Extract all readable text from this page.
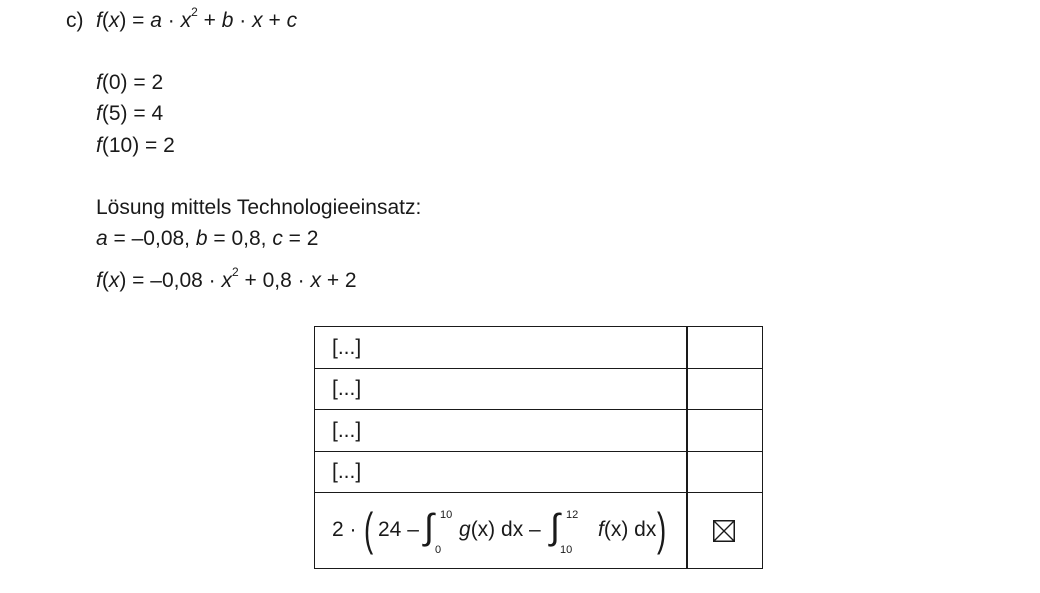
c) $f(x) = a \cdot x^2 + b \cdot x + c$
f(0) = 2
f(5) = 4
f(10) = 2
Lösung mittels Technologieeinsatz:
a = –0,08, b = 0,8, c = 2
$f(x) = -0,08 \cdot x^2 + 0,8 \cdot x + 2$
[...]
[...]
[...]
[...]
2 · ( 24 – ∫ 10
0
g (x) dx – ∫ 12
10
f (x) dx )
